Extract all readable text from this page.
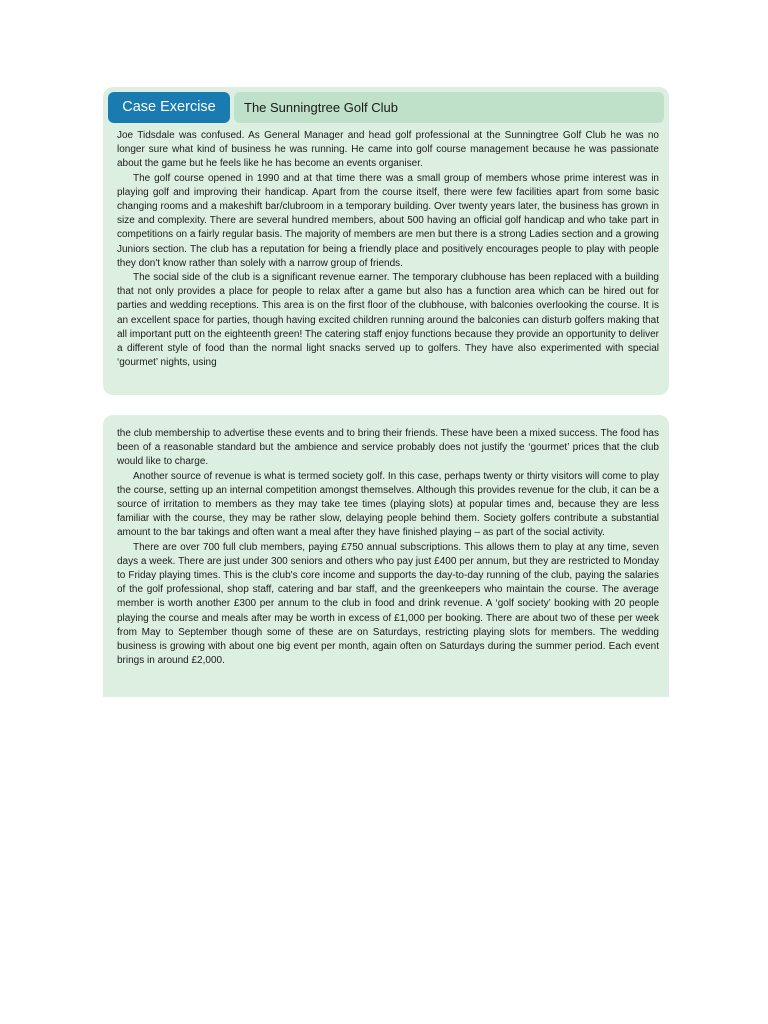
Case Exercise	The Sunningtree Golf Club

Joe Tidsdale was confused. As General Manager and head golf professional at the Sunningtree Golf Club he was no longer sure what kind of business he was running. He came into golf course management because he was passionate about the game but he feels like he has become an events organiser.

The golf course opened in 1990 and at that time there was a small group of members whose prime interest was in playing golf and improving their handicap. Apart from the course itself, there were few facilities apart from some basic changing rooms and a makeshift bar/clubroom in a temporary building. Over twenty years later, the business has grown in size and complexity. There are several hundred members, about 500 having an official golf handicap and who take part in competitions on a fairly regular basis. The majority of members are men but there is a strong Ladies section and a growing Juniors section. The club has a reputation for being a friendly place and positively encourages people to play with people they don't know rather than solely with a narrow group of friends.

The social side of the club is a significant revenue earner. The temporary clubhouse has been replaced with a building that not only provides a place for people to relax after a game but also has a function area which can be hired out for parties and wedding receptions. This area is on the first floor of the clubhouse, with balconies overlooking the course. It is an excellent space for parties, though having excited children running around the balconies can disturb golfers making that all important putt on the eighteenth green! The catering staff enjoy functions because they provide an opportunity to deliver a different style of food than the normal light snacks served up to golfers. They have also experimented with special ‘gourmet’ nights, using

the club membership to advertise these events and to bring their friends. These have been a mixed success. The food has been of a reasonable standard but the ambience and service probably does not justify the ‘gourmet’ prices that the club would like to charge.

Another source of revenue is what is termed society golf. In this case, perhaps twenty or thirty visitors will come to play the course, setting up an internal competition amongst themselves. Although this provides revenue for the club, it can be a source of irritation to members as they may take tee times (playing slots) at popular times and, because they are less familiar with the course, they may be rather slow, delaying people behind them. Society golfers contribute a substantial amount to the bar takings and often want a meal after they have finished playing – as part of the social activity.

There are over 700 full club members, paying £750 annual subscriptions. This allows them to play at any time, seven days a week. There are just under 300 seniors and others who pay just £400 per annum, but they are restricted to Monday to Friday playing times. This is the club's core income and supports the day-to-day running of the club, paying the salaries of the golf professional, shop staff, catering and bar staff, and the greenkeepers who maintain the course. The average member is worth another £300 per annum to the club in food and drink revenue. A ‘golf society’ booking with 20 people playing the course and meals after may be worth in excess of £1,000 per booking. There are about two of these per week from May to September though some of these are on Saturdays, restricting playing slots for members. The wedding business is growing with about one big event per month, again often on Saturdays during the summer period. Each event brings in around £2,000.
